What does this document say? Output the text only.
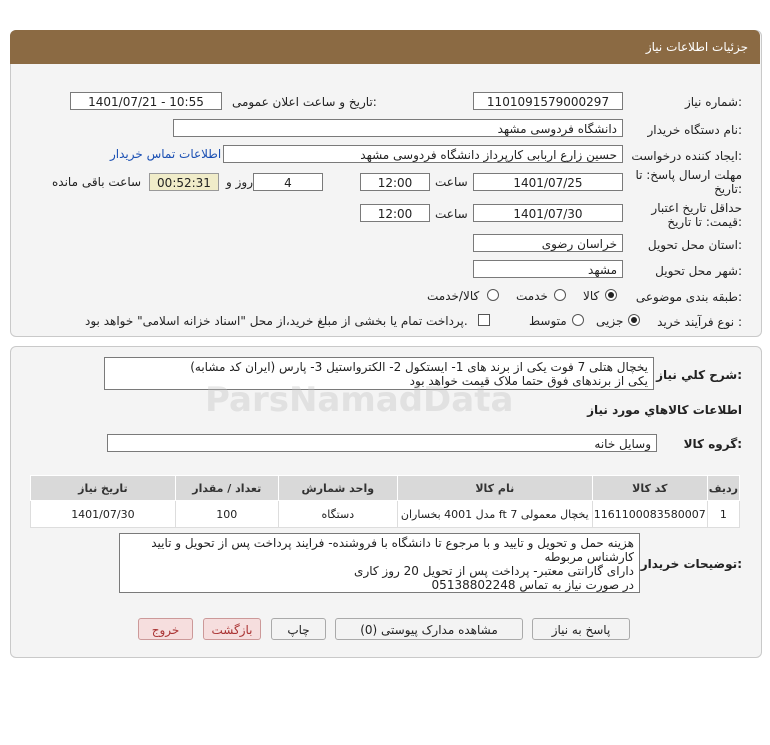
جزئیات اطلاعات نیاز
شماره نیاز:
1101091579000297
تاریخ و ساعت اعلان عمومی:
1401/07/21 - 10:55
نام دستگاه خریدار:
دانشگاه فردوسی مشهد
ایجاد کننده درخواست:
حسین زارع اربابی کارپرداز دانشگاه فردوسی مشهد
اطلاعات تماس خریدار
مهلت ارسال پاسخ: تا
تاریخ:
1401/07/25
ساعت
12:00
4
روز و
00:52:31
ساعت باقی مانده
حداقل تاریخ اعتبار
قیمت: تا تاریخ:
1401/07/30
ساعت
12:00
استان محل تحویل:
خراسان رضوی
شهر محل تحویل:
مشهد
طبقه بندی موضوعی:
کالا
خدمت
کالا/خدمت
نوع فرآیند خرید :
جزیی
متوسط
پرداخت تمام یا بخشی از مبلغ خرید،از محل "اسناد خزانه اسلامی" خواهد بود.
شرح کلي نياز:
یخچال هتلی 7 فوت یکی از برند های 1- ایستکول 2- الکترواستیل 3- پارس (ایران کد مشابه)
یکی از برندهای فوق حتما ملاک قیمت خواهد بود
اطلاعات کالاهاي مورد نياز
گروه کالا:
وسایل خانه
ردیف	کد کالا	نام کالا	واحد شمارش	تعداد / مقدار	تاریخ نیاز
1	1161100083580007	یخچال معمولی 7 ft مدل 4001 بخساران	دستگاه	100	1401/07/30
توضیحات خریدار:
هزینه حمل و تحویل و تایید و با مرجوع تا دانشگاه با فروشنده- فرایند پرداخت پس از تحویل و تایید
کارشناس مربوطه
دارای گارانتی معتبر- پرداخت پس از تحویل 20 روز کاری
در صورت نیاز به تماس 05138802248
پاسخ به نیاز
مشاهده مدارک پیوستی (0)
چاپ
بازگشت
خروج
ParsNamadData
